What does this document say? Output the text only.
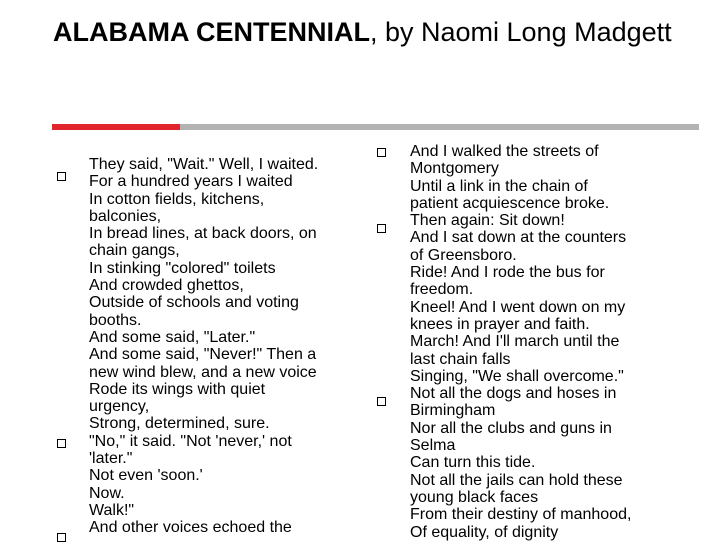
ALABAMA CENTENNIAL, by Naomi Long Madgett
They said, "Wait." Well, I waited.
For a hundred years I waited
In cotton fields, kitchens,
balconies,
In bread lines, at back doors, on
chain gangs,
In stinking "colored" toilets
And crowded ghettos,
Outside of schools and voting
booths.
And some said, "Later."
And some said, "Never!" Then a
new wind blew, and a new voice
Rode its wings with quiet
urgency,
Strong, determined, sure.
"No," it said. "Not 'never,' not
'later."
Not even 'soon.'
Now.
Walk!"
And other voices echoed the
And I walked the streets of
Montgomery
Until a link in the chain of
patient acquiescence broke.
Then again: Sit down!
And I sat down at the counters
of Greensboro.
Ride! And I rode the bus for
freedom.
Kneel! And I went down on my
knees in prayer and faith.
March! And I'll march until the
last chain falls
Singing, "We shall overcome."
Not all the dogs and hoses in
Birmingham
Nor all the clubs and guns in
Selma
Can turn this tide.
Not all the jails can hold these
young black faces
From their destiny of manhood,
Of equality, of dignity
